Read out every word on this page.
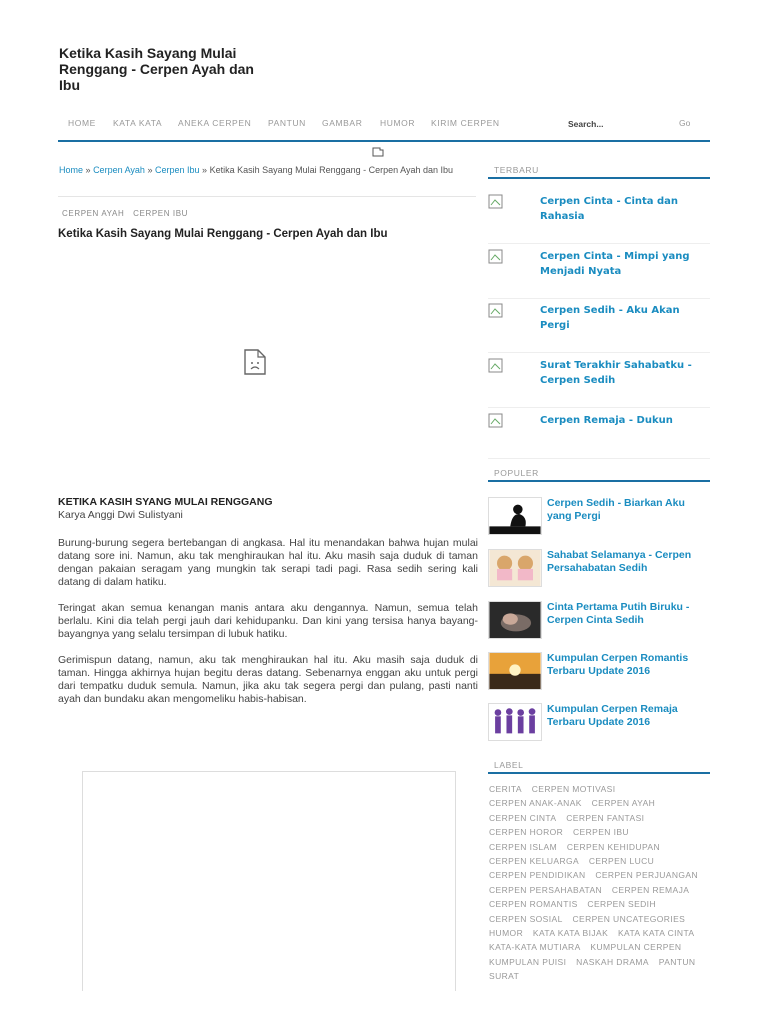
Ketika Kasih Sayang Mulai Renggang - Cerpen Ayah dan Ibu
HOME KATA KATA ANEKA CERPEN PANTUN GAMBAR HUMOR KIRIM CERPEN
Search...	Go
Home » Cerpen Ayah » Cerpen Ibu » Ketika Kasih Sayang Mulai Renggang - Cerpen Ayah dan Ibu
CERPEN AYAH CERPEN IBU
Ketika Kasih Sayang Mulai Renggang - Cerpen Ayah dan Ibu
KETIKA KASIH SYANG MULAI RENGGANG
Karya Anggi Dwi Sulistyani

Burung-burung segera bertebangan di angkasa. Hal itu menandakan bahwa hujan mulai datang sore ini. Namun, aku tak menghiraukan hal itu. Aku masih saja duduk di taman dengan pakaian seragam yang mungkin tak serapi tadi pagi. Rasa sedih sering kali datang di dalam hatiku.

Teringat akan semua kenangan manis antara aku dengannya. Namun, semua telah berlalu. Kini dia telah pergi jauh dari kehidupanku. Dan kini yang tersisa hanya bayang-bayangnya yang selalu tersimpan di lubuk hatiku.

Gerimispun datang, namun, aku tak menghiraukan hal itu. Aku masih saja duduk di taman. Hingga akhirnya hujan begitu deras datang. Sebenarnya enggan aku untuk pergi dari tempatku duduk semula. Namun, jika aku tak segera pergi dan pulang, pasti nanti ayah dan bundaku akan mengomeliku habis-habisan.

TERBARU
Cerpen Cinta - Cinta dan Rahasia
Cerpen Cinta - Mimpi yang Menjadi Nyata
Cerpen Sedih - Aku Akan Pergi
Surat Terakhir Sahabatku - Cerpen Sedih
Cerpen Remaja - Dukun
POPULER
Cerpen Sedih - Biarkan Aku yang Pergi
Sahabat Selamanya - Cerpen Persahabatan Sedih
Cinta Pertama Putih Biruku - Cerpen Cinta Sedih
Kumpulan Cerpen Romantis Terbaru Update 2016
Kumpulan Cerpen Remaja Terbaru Update 2016
LABEL
CERITA CERPEN MOTIVASI CERPEN ANAK-ANAK CERPEN AYAH CERPEN CINTA CERPEN FANTASI CERPEN HOROR CERPEN IBU CERPEN ISLAM CERPEN KEHIDUPAN CERPEN KELUARGA CERPEN LUCU CERPEN PENDIDIKAN CERPEN PERJUANGAN CERPEN PERSAHABATAN CERPEN REMAJA CERPEN ROMANTIS CERPEN SEDIH CERPEN SOSIAL CERPEN UNCATEGORIES HUMOR KATA KATA BIJAK KATA KATA CINTA KATA-KATA MUTIARA KUMPULAN CERPEN KUMPULAN PUISI NASKAH DRAMA PANTUN SURAT
